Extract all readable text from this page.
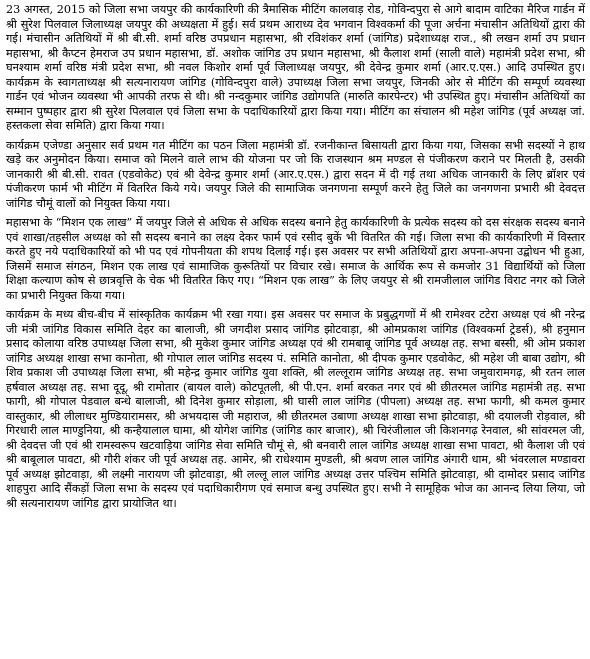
23 अगस्त, 2015 को जिला सभा जयपुर की कार्यकारिणी की त्रैमासिक मीटिंग कालवाड़ रोड, गोविन्दपुरा से आगे बादाम वाटिका मैरिज गार्डन में श्री सुरेश पिलवाल जिलाध्यक्ष जयपुर की अध्यक्षता में हुई। सर्व प्रथम आराध्य देव भगवान विश्वकर्मा की पूजा अर्चना मंचासीन अतिथियों द्वारा की गई। मंचासीन अतिथियों में श्री बी.सी. शर्मा वरिष्ठ उपप्रधान महासभा, श्री रविशंकर शर्मा (जांगिड) प्रदेशाध्यक्ष राज., श्री लखन शर्मा उप प्रधान महासभा, श्री कैप्टन हेमराज उप प्रधान महासभा, डॉ. अशोक जांगिड उप प्रधान महासभा, श्री कैलाश शर्मा (साली वाले) महामंत्री प्रदेश सभा, श्री घनश्याम शर्मा वरिष्ठ मंत्री प्रदेश सभा, श्री नवल किशोर शर्मा पूर्व जिलाध्यक्ष जयपुर, श्री देवेन्द्र कुमार शर्मा (आर.ए.एस.) आदि उपस्थित हुए। कार्यक्रम के स्वागताध्यक्ष श्री सत्यनारायण जांगिड (गोविन्दपुरा वाले) उपाध्यक्ष जिला सभा जयपुर, जिनकी ओर से मीटिंग की सम्पूर्ण व्यवस्था गार्डन एवं भोजन व्यवस्था भी आपकी तरफ से थी। श्री नन्दकुमार जांगिड उद्योगपति (मारुति कारपेन्टर) भी उपस्थित हुए। मंचासीन अतिथियों का सम्मान पुष्पहार द्वारा श्री सुरेश पिलवाल एवं जिला सभा के पदाधिकारियों द्वारा किया गया। मीटिंग का संचालन श्री महेश जांगिड (पूर्व अध्यक्ष जां. हस्तकला सेवा समिति) द्वारा किया गया।

कार्यक्रम एजेण्डा अनुसार सर्व प्रथम गत मीटिंग का पठन जिला महामंत्री डॉ. रजनीकान्त बिसायती द्वारा किया गया, जिसका सभी सदस्यों ने हाथ खड़े कर अनुमोदन किया। समाज को मिलने वाले लाभ की योजना पर जो कि राजस्थान श्रम मण्डल से पंजीकरण कराने पर मिलती है, उसकी जानकारी श्री बी.सी. रावत (एडवोकेट) एवं श्री देवेन्द्र कुमार शर्मा (आर.ए.एस.) द्वारा सदन में दी गई तथा अधिक जानकारी के लिए ब्रॉशर एवं पंजीकरण फार्म भी मीटिंग में वितरित किये गये। जयपुर जिले की सामाजिक जनगणना सम्पूर्ण करने हेतु जिले का जनगणना प्रभारी श्री देवदत्त जांगिड चौमूं वालों को नियुक्त किया गया।

महासभा के “मिशन एक लाख” में जयपुर जिले से अधिक से अधिक सदस्य बनाने हेतु कार्यकारिणी के प्रत्येक सदस्य को दस संरक्षक सदस्य बनाने एवं शाखा/तहसील अध्यक्ष को सौ सदस्य बनाने का लक्ष्य देकर फार्म एवं रसीद बुकें भी वितरित की गई। जिला सभा की कार्यकारिणी में विस्तार करते हुए नये पदाधिकारियों को भी पद एवं गोपनीयता की शपथ दिलाई गई। इस अवसर पर सभी अतिथियों द्वारा अपना-अपना उद्बोधन भी हुआ, जिसमें समाज संगठन, मिशन एक लाख एवं सामाजिक कुरूतियों पर विचार रखे। समाज के आर्थिक रूप से कमजोर 31 विद्यार्थियों को जिला शिक्षा कल्याण कोष से छात्रवृत्ति के चेक भी वितरित किए गए। “मिशन एक लाख” के लिए जयपुर से श्री रामजीलाल जांगिड विराट नगर को जिले का प्रभारी नियुक्त किया गया।

कार्यक्रम के मध्य बीच-बीच में सांस्कृतिक कार्यक्रम भी रखा गया। इस अवसर पर समाज के प्रबुद्धगणों में श्री रामेश्वर टटेरा अध्यक्ष एवं श्री नरेन्द्र जी मंत्री जांगिड विकास समिति देहर का बालाजी, श्री जगदीश प्रसाद जांगिड झोटवाड़ा, श्री ओमप्रकाश जांगिड (विश्वकर्मा ट्रेडर्स), श्री हनुमान प्रसाद कोलाया वरिष्ठ उपाध्यक्ष जिला सभा, श्री मुकेश कुमार जांगिड अध्यक्ष एवं श्री रामबाबू जांगिड पूर्व अध्यक्ष तह. सभा बस्सी, श्री ओम प्रकाश जांगिड अध्यक्ष शाखा सभा कानोता, श्री गोपाल लाल जांगिड सदस्य पं. समिति कानोता, श्री दीपक कुमार एडवोकेट, श्री महेश जी बाबा उद्योग, श्री शिव प्रकाश जी उपाध्यक्ष जिला सभा, श्री महेन्द्र कुमार जांगिड युवा शक्ति, श्री लल्लूराम जांगिड अध्यक्ष तह. सभा जमुवारामगढ़, श्री रतन लाल हर्षवाल अध्यक्ष तह. सभा दूदू, श्री रामोतार (बायल वाले) कोटपूतली, श्री पी.एन. शर्मा बरकत नगर एवं श्री छीतरमल जांगिड महामंत्री तह. सभा फागी, श्री गोपाल पेडवाल बन्धे बालाजी, श्री दिनेश कुमार सोड़ाला, श्री घासी लाल जांगिड (पीपला) अध्यक्ष तह. सभा फागी, श्री कमल कुमार वास्तुकार, श्री लीलाधर मुण्डियारामसर, श्री अभयदास जी महाराज, श्री छीतरमल उबाणा अध्यक्ष शाखा सभा झोटवाड़ा, श्री दयालजी रोड़वाल, श्री गिरधारी लाल माण्डुनिया, श्री कन्हैयालाल घामा, श्री योगेश जांगिड (जांगिड कार बाजार), श्री चिरंजीलाल जी किशनगढ़ रेनवाल, श्री सांवरमल जी, श्री देवदत्त जी एवं श्री रामस्वरूप खटवाड़िया जांगिड सेवा समिति चौमूं से, श्री बनवारी लाल जांगिड अध्यक्ष शाखा सभा पावटा, श्री कैलाश जी एवं श्री बाबूलाल पावटा, श्री गौरी शंकर जी पूर्व अध्यक्ष तह. आमेर, श्री राधेश्याम मुण्डली, श्री श्रवण लाल जांगिड अंगारी धाम, श्री भंवरलाल मण्डावरा पूर्व अध्यक्ष झोटवाड़ा, श्री लक्ष्मी नारायण जी झोटवाड़ा, श्री लल्लू लाल जांगिड अध्यक्ष उत्तर पश्चिम समिति झोटवाड़ा, श्री दामोदर प्रसाद जांगिड शाहपुरा आदि सैंकड़ों जिला सभा के सदस्य एवं पदाधिकारीगण एवं समाज बन्धु उपस्थित हुए। सभी ने सामूहिक भोज का आनन्द लिया लिया, जो श्री सत्यनारायण जांगिड द्वारा प्रायोजित था।
